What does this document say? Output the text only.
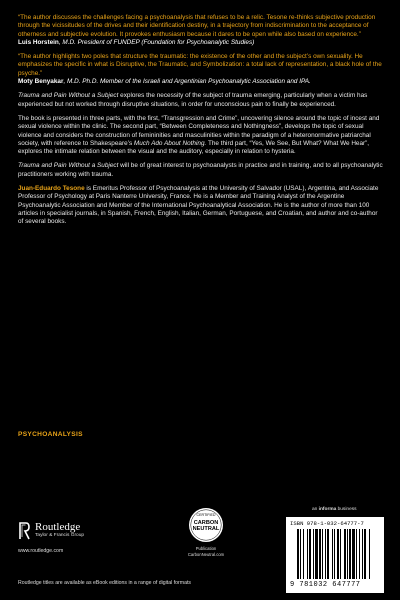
“The author discusses the challenges facing a psychoanalysis that refuses to be a relic. Tesone re-thinks subjective production through the vicissitudes of the drives and their identification destiny, in a trajectory from indiscrimination to the acceptance of otherness and subjective evolution. It provokes enthusiasm because it dares to be open while also based on experience.”

Luis Horstein, M.D. President of FUNDEP (Foundation for Psychoanalytic Studies)

“The author highlights two poles that structure the traumatic: the existence of the other and the subject’s own sexuality. He emphasizes the specific in what is Disruptive, the Traumatic, and Symbolization: a total lack of representation, a black hole of the psyche.”

Moty Benyakar, M.D. Ph.D. Member of the Israeli and Argentinian Psychoanalytic Association and IPA.

Trauma and Pain Without a Subject explores the necessity of the subject of trauma emerging, particularly when a victim has experienced but not worked through disruptive situations, in order for unconscious pain to finally be experienced.

The book is presented in three parts, with the first, “Transgression and Crime”, uncovering silence around the topic of incest and sexual violence within the clinic. The second part, “Between Completeness and Nothingness”, develops the topic of sexual violence and considers the construction of femininities and masculinities within the paradigm of a heteronormative patriarchal society, with reference to Shakespeare’s Much Ado About Nothing. The third part, “Yes, We See, But What? What We Hear”, explores the intimate relation between the visual and the auditory, especially in relation to hysteria.

Trauma and Pain Without a Subject will be of great interest to psychoanalysts in practice and in training, and to all psychoanalytic practitioners working with trauma.

Juan-Eduardo Tesone is Emeritus Professor of Psychoanalysis at the University of Salvador (USAL), Argentina, and Associate Professor of Psychology at Paris Nanterre University, France. He is a Member and Training Analyst of the Argentine Psychoanalytic Association and Member of the International Psychoanalytical Association. He is the author of more than 100 articles in specialist journals, in Spanish, French, English, Italian, German, Portuguese, and Croatian, and author and co-author of several books.

PSYCHOANALYSIS
Routledge
Taylor & Francis Group
www.routledge.com
CERTIFIED
CARBON
NEUTRAL
Publication
CarbonNeutral.com
an informa business
ISBN 978-1-032-64777-7
9 781032 647777
Routledge titles are available as eBook editions in a range of digital formats
